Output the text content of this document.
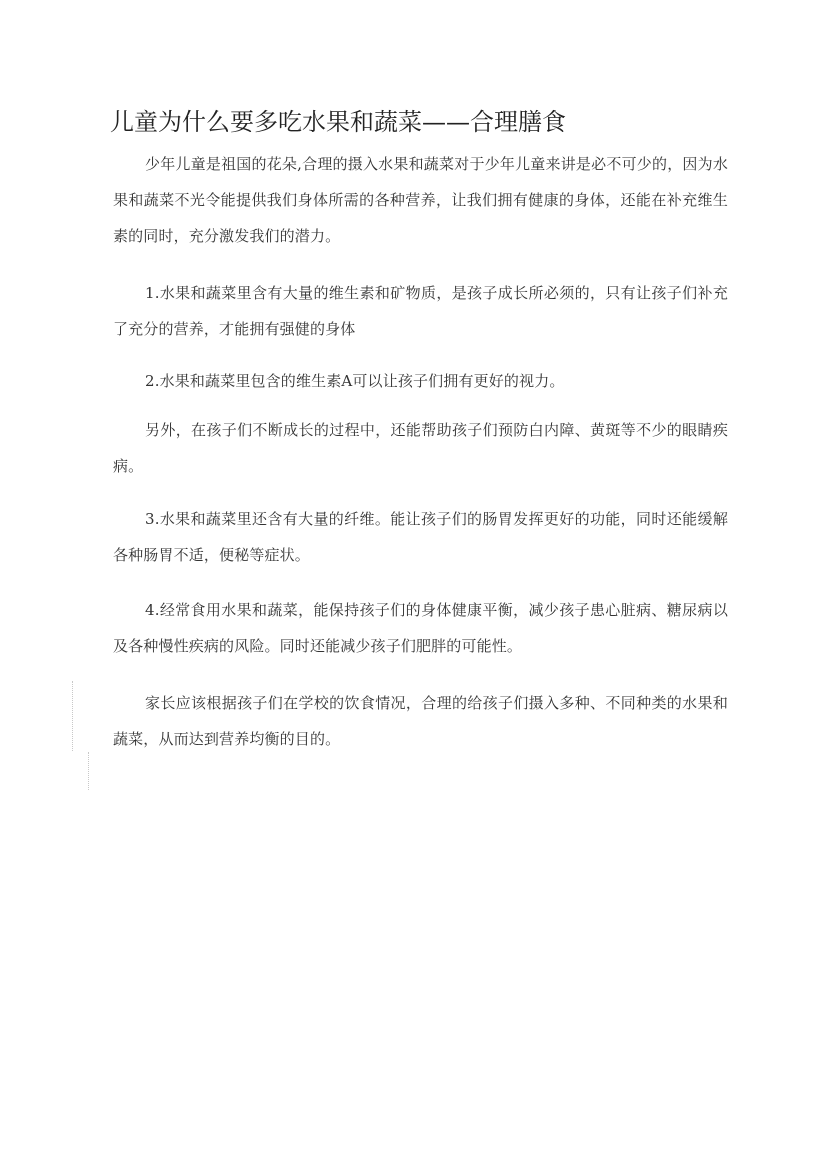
儿童为什么要多吃水果和蔬菜——合理膳食

少年儿童是祖国的花朵,合理的摄入水果和蔬菜对于少年儿童来讲是必不可少的，因为水果和蔬菜不光令能提供我们身体所需的各种营养，让我们拥有健康的身体，还能在补充维生素的同时，充分激发我们的潜力。

1.水果和蔬菜里含有大量的维生素和矿物质，是孩子成长所必须的，只有让孩子们补充了充分的营养，才能拥有强健的身体

2.水果和蔬菜里包含的维生素A可以让孩子们拥有更好的视力。

另外，在孩子们不断成长的过程中，还能帮助孩子们预防白内障、黄斑等不少的眼睛疾病。

3.水果和蔬菜里还含有大量的纤维。能让孩子们的肠胃发挥更好的功能，同时还能缓解各种肠胃不适，便秘等症状。

4.经常食用水果和蔬菜，能保持孩子们的身体健康平衡，减少孩子患心脏病、糖尿病以及各种慢性疾病的风险。同时还能减少孩子们肥胖的可能性。

家长应该根据孩子们在学校的饮食情况，合理的给孩子们摄入多种、不同种类的水果和蔬菜，从而达到营养均衡的目的。
